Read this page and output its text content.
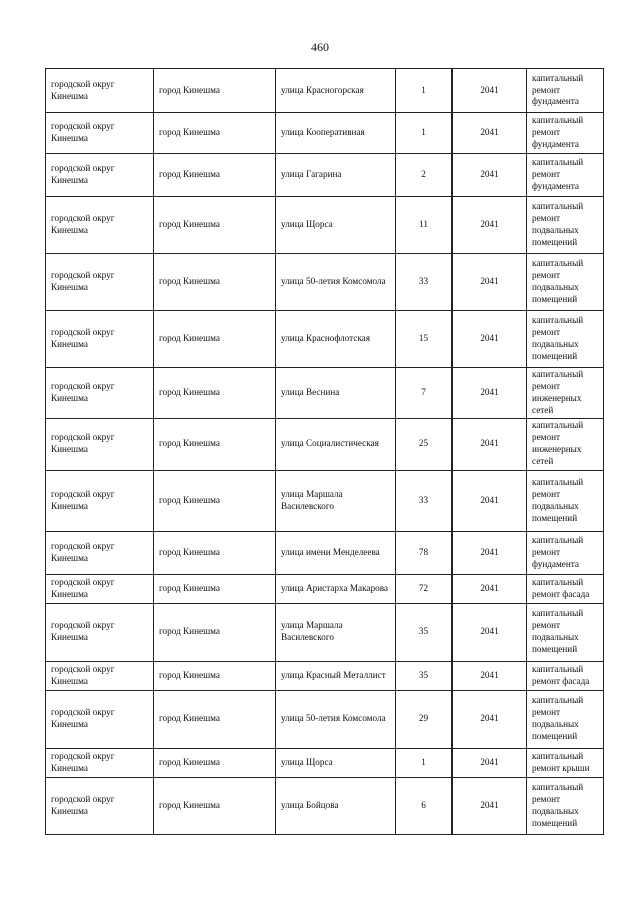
460
городской округ Кинешма	город Кинешма	улица Красногорская	1	2041	капитальный ремонт фундамента
городской округ Кинешма	город Кинешма	улица Кооперативная	1	2041	капитальный ремонт фундамента
городской округ Кинешма	город Кинешма	улица Гагарина	2	2041	капитальный ремонт фундамента
городской округ Кинешма	город Кинешма	улица Щорса	11	2041	капитальный ремонт подвальных помещений
городской округ Кинешма	город Кинешма	улица 50-летия Комсомола	33	2041	капитальный ремонт подвальных помещений
городской округ Кинешма	город Кинешма	улица Краснофлотская	15	2041	капитальный ремонт подвальных помещений
городской округ Кинешма	город Кинешма	улица Веснина	7	2041	капитальный ремонт инженерных сетей
городской округ Кинешма	город Кинешма	улица Социалистическая	25	2041	капитальный ремонт инженерных сетей
городской округ Кинешма	город Кинешма	улица Маршала Василевского	33	2041	капитальный ремонт подвальных помещений
городской округ Кинешма	город Кинешма	улица имени Менделеева	78	2041	капитальный ремонт фундамента
городской округ Кинешма	город Кинешма	улица Аристарха Макарова	72	2041	капитальный ремонт фасада
городской округ Кинешма	город Кинешма	улица Маршала Василевского	35	2041	капитальный ремонт подвальных помещений
городской округ Кинешма	город Кинешма	улица Красный Металлист	35	2041	капитальный ремонт фасада
городской округ Кинешма	город Кинешма	улица 50-летия Комсомола	29	2041	капитальный ремонт подвальных помещений
городской округ Кинешма	город Кинешма	улица Щорса	1	2041	капитальный ремонт крыши
городской округ Кинешма	город Кинешма	улица Бойцова	6	2041	капитальный ремонт подвальных помещений
